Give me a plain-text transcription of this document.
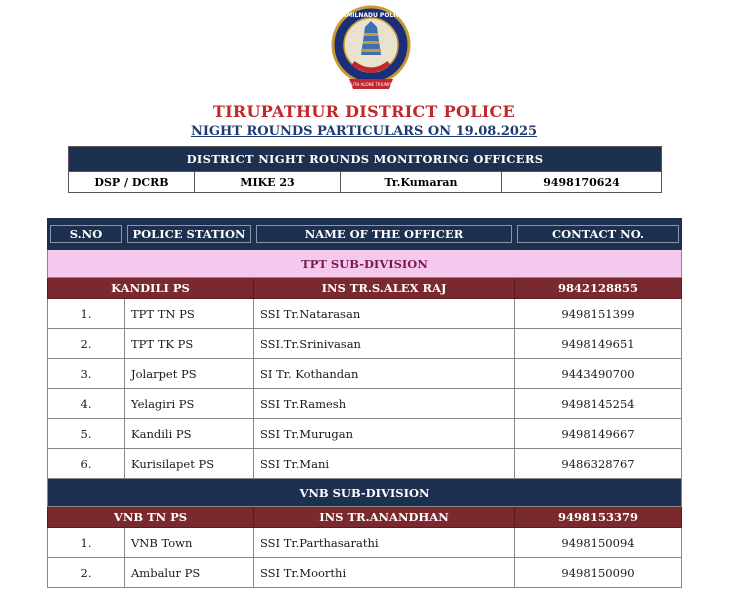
TAMILNADU POLICE
TRUTH ALONE TRIUMPHS
TIRUPATHUR DISTRICT POLICE
NIGHT ROUNDS PARTICULARS ON 19.08.2025
DISTRICT NIGHT ROUNDS MONITORING OFFICERS
DSP / DCRB	MIKE 23	Tr.Kumaran	9498170624
S.NO	POLICE STATION	NAME OF THE OFFICER	CONTACT NO.

TPT SUB-DIVISION			
KANDILI PS		INS TR.S.ALEX RAJ	9842128855
1.	TPT TN PS	SSI Tr.Natarasan	9498151399
2.	TPT TK PS	SSI.Tr.Srinivasan	9498149651
3.	Jolarpet PS	SI Tr. Kothandan	9443490700
4.	Yelagiri PS	SSI Tr.Ramesh	9498145254
5.	Kandili PS	SSI Tr.Murugan	9498149667
6.	Kurisilapet PS	SSI Tr.Mani	9486328767
VNB SUB-DIVISION			
VNB TN PS		INS TR.ANANDHAN	9498153379
1.	VNB Town	SSI Tr.Parthasarathi	9498150094
2.	Ambalur PS	SSI Tr.Moorthi	9498150090
